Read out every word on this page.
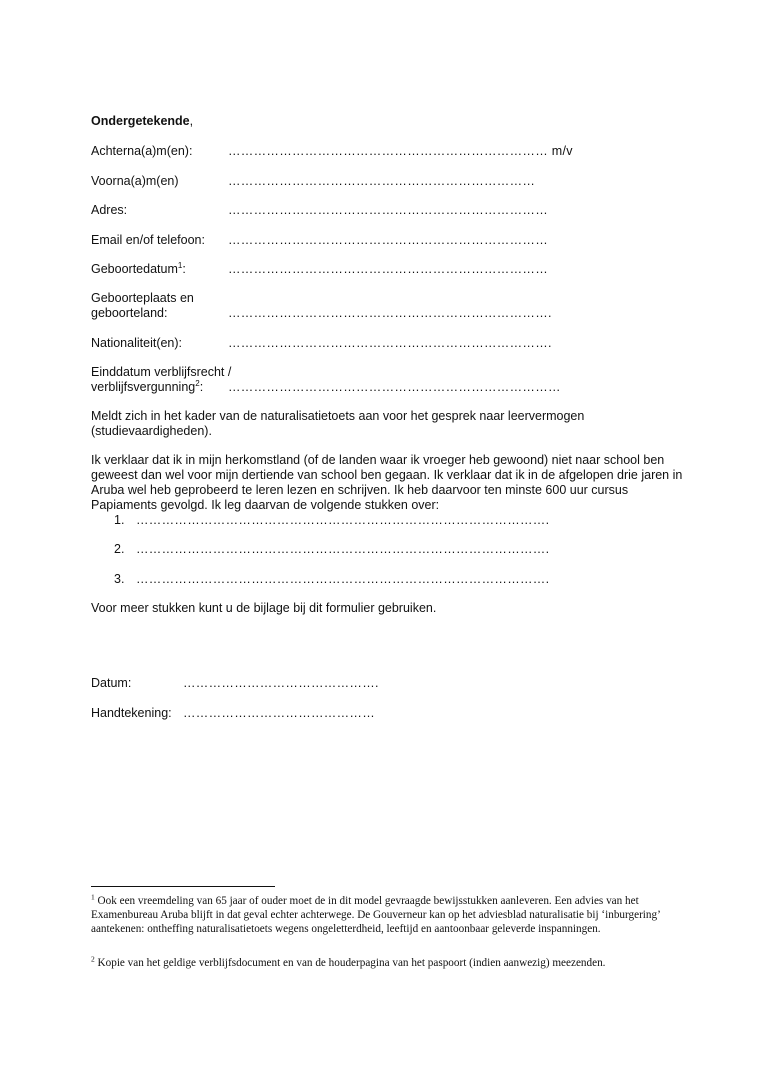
Ondergetekende,
Achterna(a)m(en):	………………………………………………………………… m/v
Voorna(a)m(en)	………………………………………………………………
Adres:	…………………………………………………………………
Email en/of telefoon: …………………………………………………………………
Geboortedatum$^1$:	…………………………………………………………………
Geboorteplaats en
geboorteland:	………………………………………………………………….
Nationaliteit(en):	………………………………………………………………….
Einddatum verblijfsrecht /
verblijfsvergunning$^2$:	……………………………………………………………………
Meldt zich in het kader van de naturalisatietoets aan voor het gesprek naar leervermogen (studievaardigheden).
Ik verklaar dat ik in mijn herkomstland (of de landen waar ik vroeger heb gewoond) niet naar school ben geweest dan wel voor mijn dertiende van school ben gegaan. Ik verklaar dat ik in de afgelopen drie jaren in Aruba wel heb geprobeerd te leren lezen en schrijven. Ik heb daarvoor ten minste 600 uur cursus Papiaments gevolgd. Ik leg daarvan de volgende stukken over:
1. …………………………………………………………………………………….
2. …………………………………………………………………………………….
3. …………………………………………………………………………………….
Voor meer stukken kunt u de bijlage bij dit formulier gebruiken.
Datum:	……………………………………….
Handtekening: ………………………………………
$^1$ Ook een vreemdeling van 65 jaar of ouder moet de in dit model gevraagde bewijsstukken aanleveren. Een advies van het Examenbureau Aruba blijft in dat geval echter achterwege. De Gouverneur kan op het adviesblad naturalisatie bij ‘inburgering’ aantekenen: ontheffing naturalisatietoets wegens ongeletterdheid, leeftijd en aantoonbaar geleverde inspanningen.
$^2$ Kopie van het geldige verblijfsdocument en van de houderpagina van het paspoort (indien aanwezig) meezenden.
